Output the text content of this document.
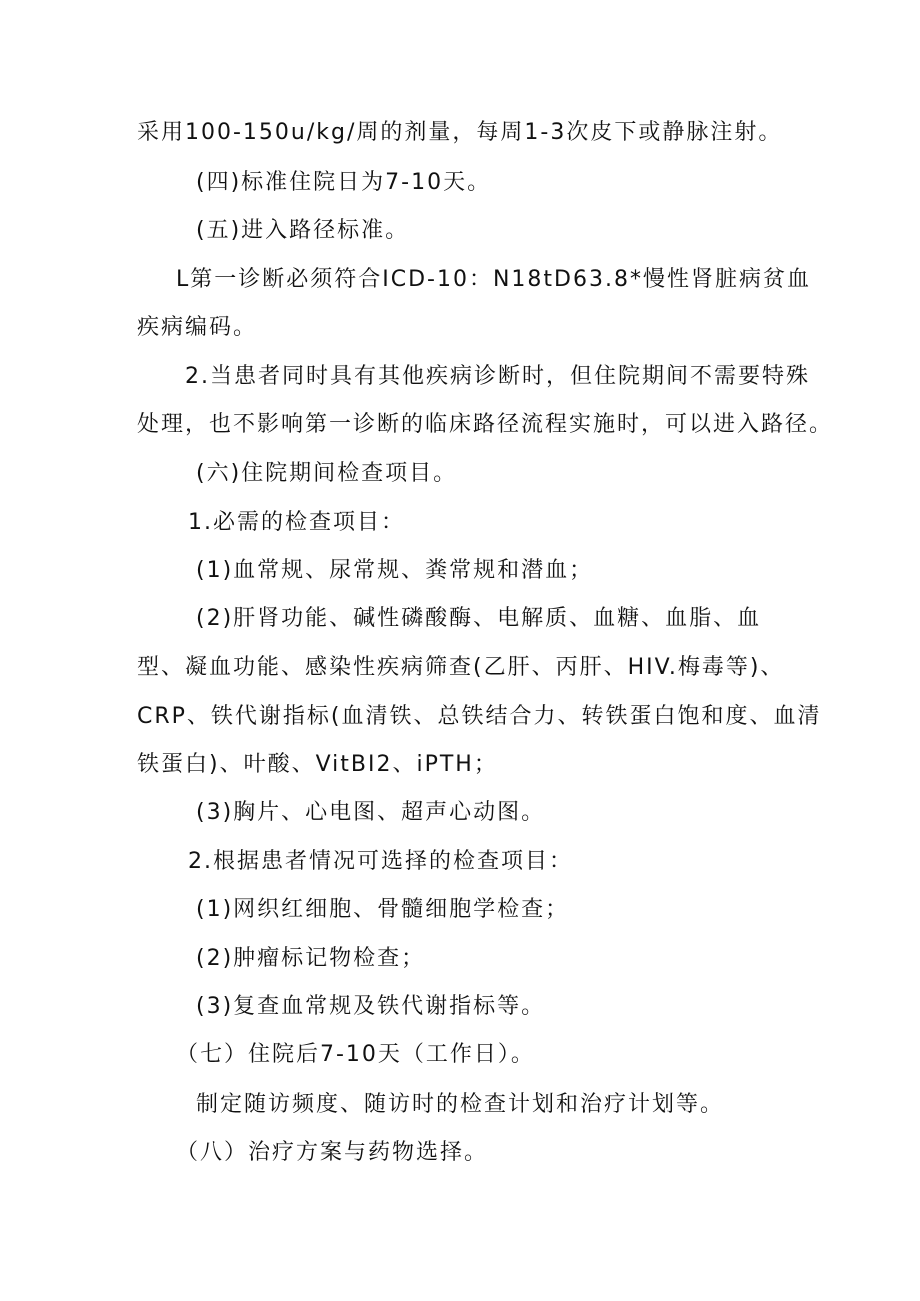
采用100-150u/kg/周的剂量，每周1-3次皮下或静脉注射。
(四)标准住院日为7-10天。
(五)进入路径标准。
L第一诊断必须符合ICD-10：N18tD63.8*慢性肾脏病贫血
疾病编码。
2.当患者同时具有其他疾病诊断时，但住院期间不需要特殊
处理，也不影响第一诊断的临床路径流程实施时，可以进入路径。
(六)住院期间检查项目。
1.必需的检查项目：
(1)血常规、尿常规、粪常规和潜血；
(2)肝肾功能、碱性磷酸酶、电解质、血糖、血脂、血
型、凝血功能、感染性疾病筛查(乙肝、丙肝、HIV.梅毒等)、
CRP、铁代谢指标(血清铁、总铁结合力、转铁蛋白饱和度、血清
铁蛋白)、叶酸、VitBI2、iPTH；
(3)胸片、心电图、超声心动图。
2.根据患者情况可选择的检查项目：
(1)网织红细胞、骨髓细胞学检查；
(2)肿瘤标记物检查；
(3)复查血常规及铁代谢指标等。
（七）住院后7-10天（工作日）。
制定随访频度、随访时的检查计划和治疗计划等。
（八）治疗方案与药物选择。
